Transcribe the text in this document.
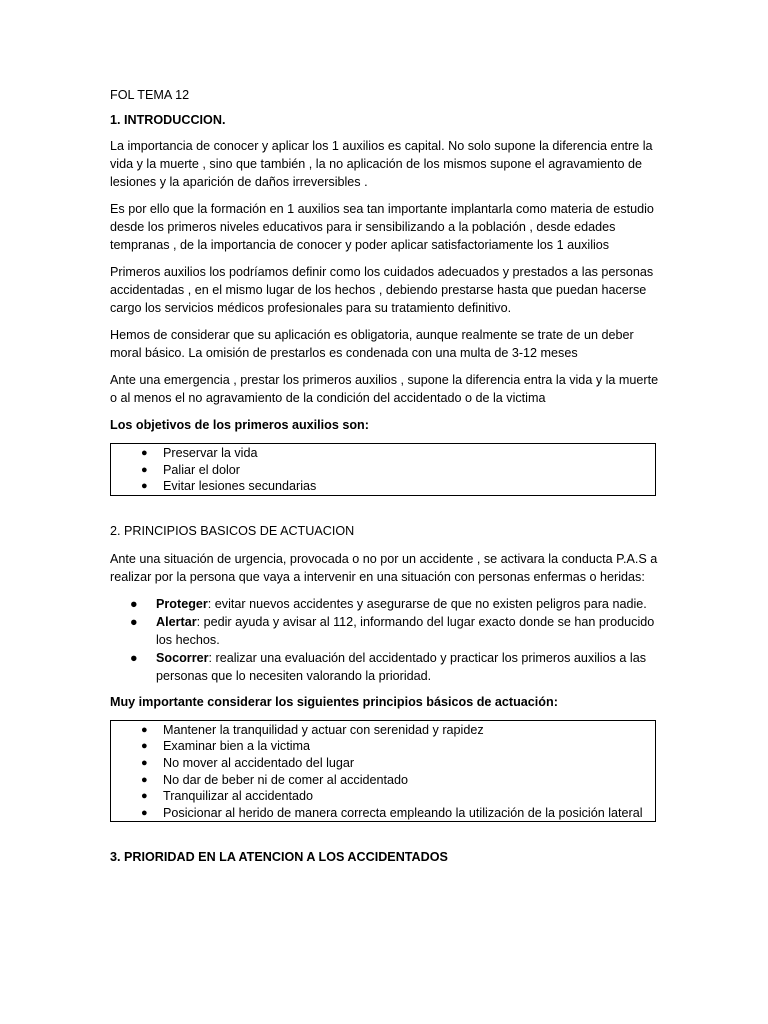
FOL TEMA 12

1. INTRODUCCION.

La importancia de conocer y aplicar los 1 auxilios es capital. No solo supone la diferencia entre la vida y la muerte , sino que también , la no aplicación de los mismos supone el agravamiento de lesiones y la aparición de daños irreversibles .

Es por ello que la formación en 1 auxilios sea tan importante implantarla como materia de estudio desde los primeros niveles educativos para ir sensibilizando a la población , desde edades tempranas , de la importancia de conocer y poder aplicar satisfactoriamente los 1 auxilios

Primeros auxilios los podríamos definir como los cuidados adecuados y prestados a las personas accidentadas , en el mismo lugar de los hechos , debiendo prestarse hasta que puedan hacerse cargo los servicios médicos profesionales para su tratamiento definitivo.

Hemos de considerar que su aplicación es obligatoria, aunque realmente se trate de un deber moral básico. La omisión de prestarlos es condenada con una multa de 3-12 meses

Ante una emergencia , prestar los primeros auxilios , supone la diferencia entra la vida y la muerte o al menos el no agravamiento de la condición del accidentado o de la victima

Los objetivos de los primeros auxilios son:

● Preservar la vida
● Paliar el dolor
● Evitar lesiones secundarias

2. PRINCIPIOS BASICOS DE ACTUACION

Ante una situación de urgencia, provocada o no por un accidente , se activara la conducta P.A.S a realizar por la persona que vaya a intervenir en una situación con personas enfermas o heridas:

● Proteger: evitar nuevos accidentes y asegurarse de que no existen peligros para nadie.
● Alertar: pedir ayuda y avisar al 112, informando del lugar exacto donde se han producido los hechos.
● Socorrer: realizar una evaluación del accidentado y practicar los primeros auxilios a las personas que lo necesiten valorando la prioridad.

Muy importante considerar los siguientes principios básicos de actuación:

● Mantener la tranquilidad y actuar con serenidad y rapidez
● Examinar bien a la victima
● No mover al accidentado del lugar
● No dar de beber ni de comer al accidentado
● Tranquilizar al accidentado
● Posicionar al herido de manera correcta empleando la utilización de la posición lateral

3. PRIORIDAD EN LA ATENCION A LOS ACCIDENTADOS
